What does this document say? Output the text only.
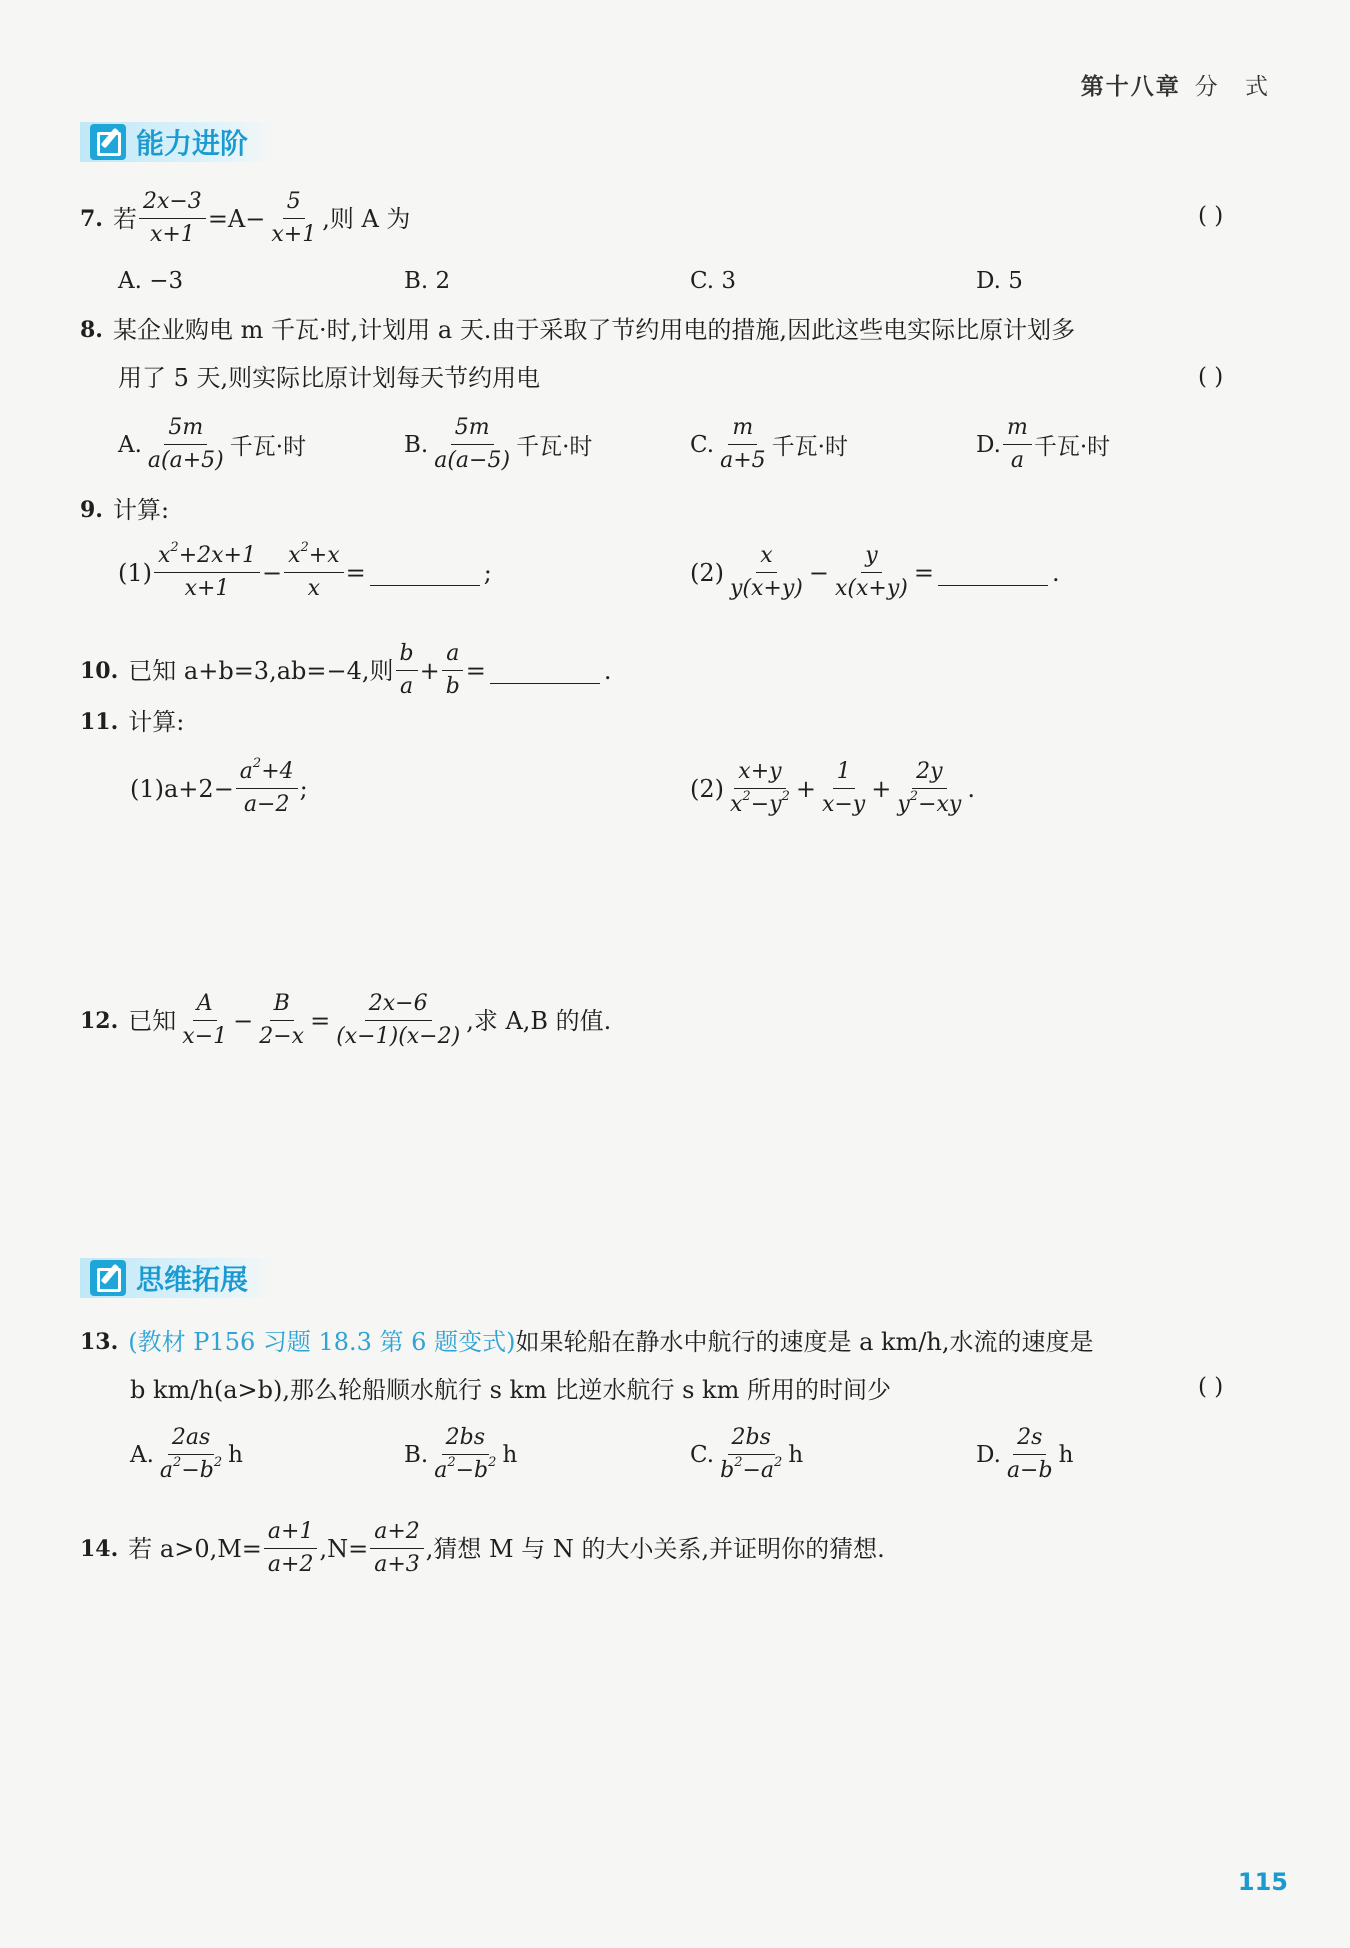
第十八章 分 式
能力进阶
7. 若 $\frac{2x-3}{x+1} =A- \frac{5}{x+1}$ ,则 A 为	( )
A. −3	B. 2	C. 3	D. 5
8. 某企业购电 m 千瓦·时,计划用 a 天.由于采取了节约用电的措施,因此这些电实际比原计划多
用了 5 天,则实际比原计划每天节约用电	( )
A. $\frac{5m}{a(a+5)}$ 千瓦·时	B. $\frac{5m}{a(a-5)}$ 千瓦·时	C. $\frac{m}{a+5}$ 千瓦·时	D. $\frac{m}{a}$ 千瓦·时
9. 计算:
$(1) \frac{x^2+2x+1}{x+1} - \frac{x^2+x}{x}$ =	;	$(2) \frac{x}{y(x+y)} - \frac{y}{x(x+y)}$ =	.
10. 已知 a+b=3,ab=−4,则 $\frac{b}{a} + \frac{a}{b}$ =	.
11. 计算:
(1) $a+2- \frac{a^2+4}{a-2}$ ;	$(2) \frac{x+y}{x^2-y^2} + \frac{1}{x-y} + \frac{2y}{y^2-xy}$ .
12. 已知 $\frac{A}{x-1} - \frac{B}{2-x} = \frac{2x-6}{(x-1)(x-2)}$ ,求 A,B 的值.
思维拓展
13. (教材 P156 习题 18.3 第 6 题变式) 如果轮船在静水中航行的速度是 a km/h,水流的速度是
b km/h(a>b),那么轮船顺水航行 s km 比逆水航行 s km 所用的时间少	( )
A. $\frac{2as}{a^2-b^2}$ h	B. $\frac{2bs}{a^2-b^2}$ h	C. $\frac{2bs}{b^2-a^2}$ h	D. $\frac{2s}{a-b}$ h
14. 若 $a>0,M= \frac{a+1}{a+2} ,N= \frac{a+2}{a+3}$ ,猜想 M 与 N 的大小关系,并证明你的猜想.
115
